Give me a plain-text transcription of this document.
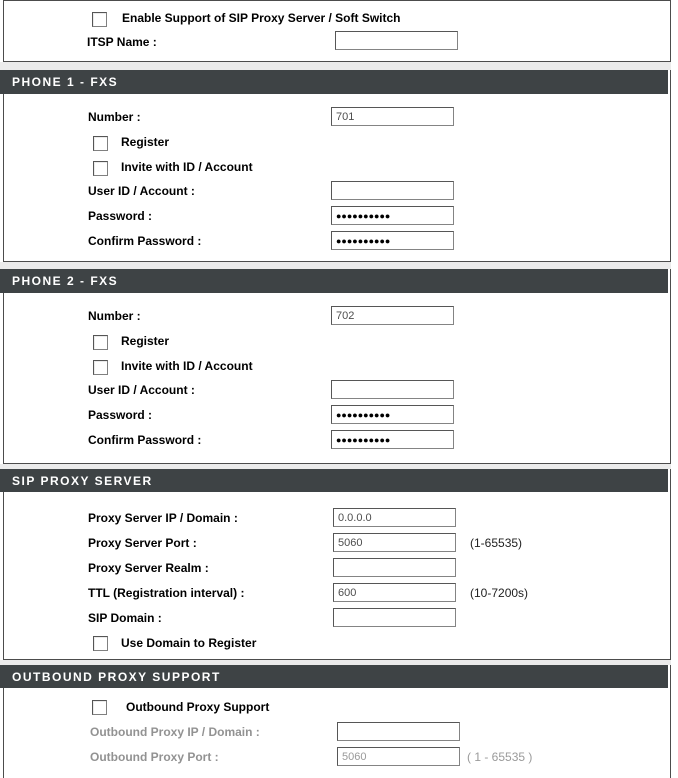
Enable Support of SIP Proxy Server / Soft Switch
ITSP Name :
PHONE 1 - FXS
Number :
701
Register
Invite with ID / Account
User ID / Account :
Password :
●●●●●●●●●●
Confirm Password :
●●●●●●●●●●
PHONE 2 - FXS
Number :
702
Register
Invite with ID / Account
User ID / Account :
Password :
●●●●●●●●●●
Confirm Password :
●●●●●●●●●●
SIP PROXY SERVER
Proxy Server IP / Domain :
0.0.0.0
Proxy Server Port :
5060	(1-65535)
Proxy Server Realm :
TTL (Registration interval) :
600	(10-7200s)
SIP Domain :
Use Domain to Register
OUTBOUND PROXY SUPPORT
Outbound Proxy Support
Outbound Proxy IP / Domain :
Outbound Proxy Port :
5060	( 1 - 65535 )
